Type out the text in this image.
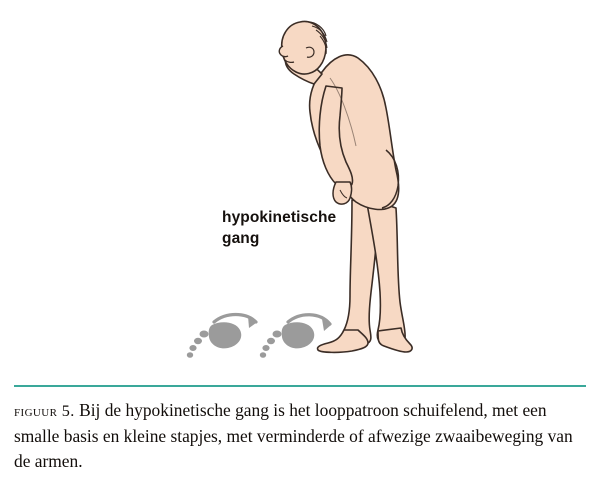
hypokinetische gang
figuur 5. Bij de hypokinetische gang is het looppatroon schuifelend, met een smalle basis en kleine stapjes, met verminderde of afwezige zwaaibeweging van de armen.
